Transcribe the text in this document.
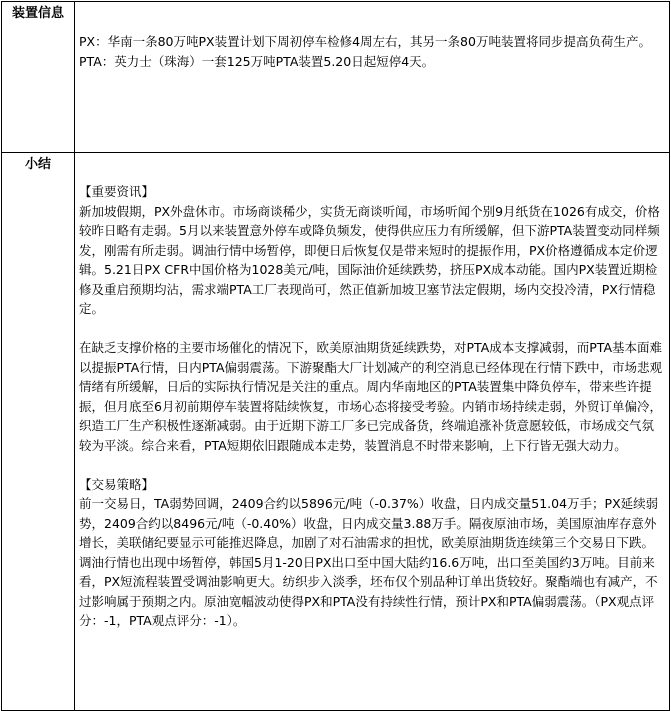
装置信息	PX：华南一条80万吨PX装置计划下周初停车检修4周左右，其另一条80万吨装置将同步提高负荷生产。

PTA：英力士（珠海）一套125万吨PTA装置5.20日起短停4天。

小结	【重要资讯】

新加坡假期，PX外盘休市。市场商谈稀少，实货无商谈听闻，市场听闻个别9月纸货在1026有成交，价格较昨日略有走弱。5月以来装置意外停车或降负频发，使得供应压力有所缓解，但下游PTA装置变动同样频发，刚需有所走弱。调油行情中场暂停，即便日后恢复仅是带来短时的提振作用，PX价格遵循成本定价逻辑。5.21日PX CFR中国价格为1028美元/吨，国际油价延续跌势，挤压PX成本动能。国内PX装置近期检修及重启预期均沾，需求端PTA工厂表现尚可，然正值新加坡卫塞节法定假期，场内交投冷清，PX行情稳定。

在缺乏支撑价格的主要市场催化的情况下，欧美原油期货延续跌势，对PTA成本支撑减弱，而PTA基本面难以提振PTA行情，日内PTA偏弱震荡。下游聚酯大厂计划减产的利空消息已经体现在行情下跌中，市场悲观情绪有所缓解，日后的实际执行情况是关注的重点。周内华南地区的PTA装置集中降负停车，带来些许提振，但月底至6月初前期停车装置将陆续恢复，市场心态将接受考验。内销市场持续走弱，外贸订单偏冷，织造工厂生产积极性逐渐减弱。由于近期下游工厂多已完成备货，终端追涨补货意愿较低，市场成交气氛较为平淡。综合来看，PTA短期依旧跟随成本走势，装置消息不时带来影响，上下行皆无强大动力。

【交易策略】

前一交易日，TA弱势回调，2409合约以5896元/吨（-0.37%）收盘，日内成交量51.04万手；PX延续弱势，2409合约以8496元/吨（-0.40%）收盘，日内成交量3.88万手。隔夜原油市场，美国原油库存意外增长，美联储纪要显示可能推迟降息，加剧了对石油需求的担忧，欧美原油期货连续第三个交易日下跌。调油行情也出现中场暂停，韩国5月1-20日PX出口至中国大陆约16.6万吨，出口至美国约3万吨。目前来看，PX短流程装置受调油影响更大。纺织步入淡季，坯布仅个别品种订单出货较好。聚酯端也有减产，不过影响属于预期之内。原油宽幅波动使得PX和PTA没有持续性行情，预计PX和PTA偏弱震荡。（PX观点评分：-1，PTA观点评分：-1）。
